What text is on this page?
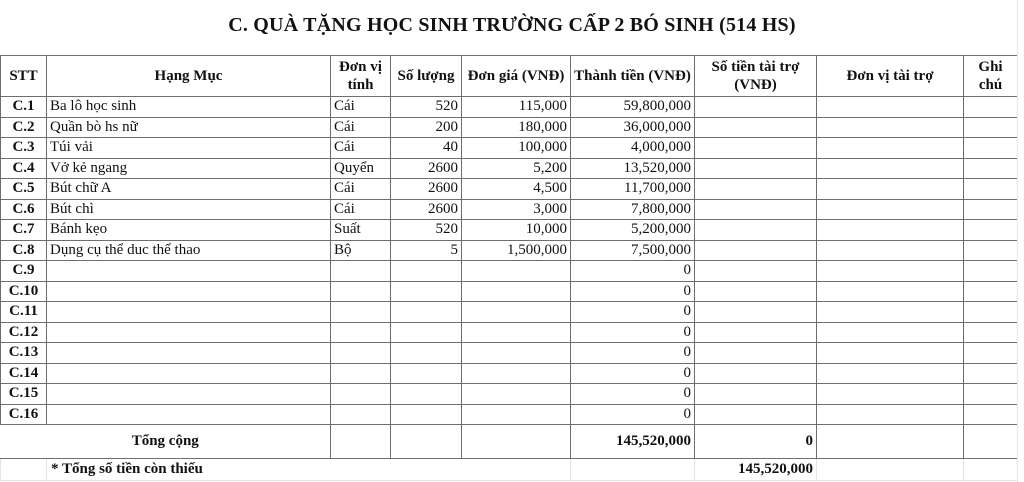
C. QUÀ TẶNG HỌC SINH TRƯỜNG CẤP 2 BÓ SINH (514 HS)
STT	Hạng Mục	Đơn vị tính	Số lượng	Đơn giá (VNĐ)	Thành tiền (VNĐ)	Số tiền tài trợ (VNĐ)	Đơn vị tài trợ	Ghi chú
C.1	Ba lô học sinh	Cái	520	115,000	59,800,000			
C.2	Quần bò hs nữ	Cái	200	180,000	36,000,000			
C.3	Túi vải	Cái	40	100,000	4,000,000			
C.4	Vở kẻ ngang	Quyển	2600	5,200	13,520,000			
C.5	Bút chữ A	Cái	2600	4,500	11,700,000			
C.6	Bút chì	Cái	2600	3,000	7,800,000			
C.7	Bánh kẹo	Suất	520	10,000	5,200,000			
C.8	Dụng cụ thể duc thể thao	Bộ	5	1,500,000	7,500,000			
C.9					0			
C.10					0			
C.11					0			
C.12					0			
C.13					0			
C.14					0			
C.15					0			
C.16					0			
Tổng cộng					145,520,000	0		
	* Tổng số tiền còn thiếu					145,520,000		
